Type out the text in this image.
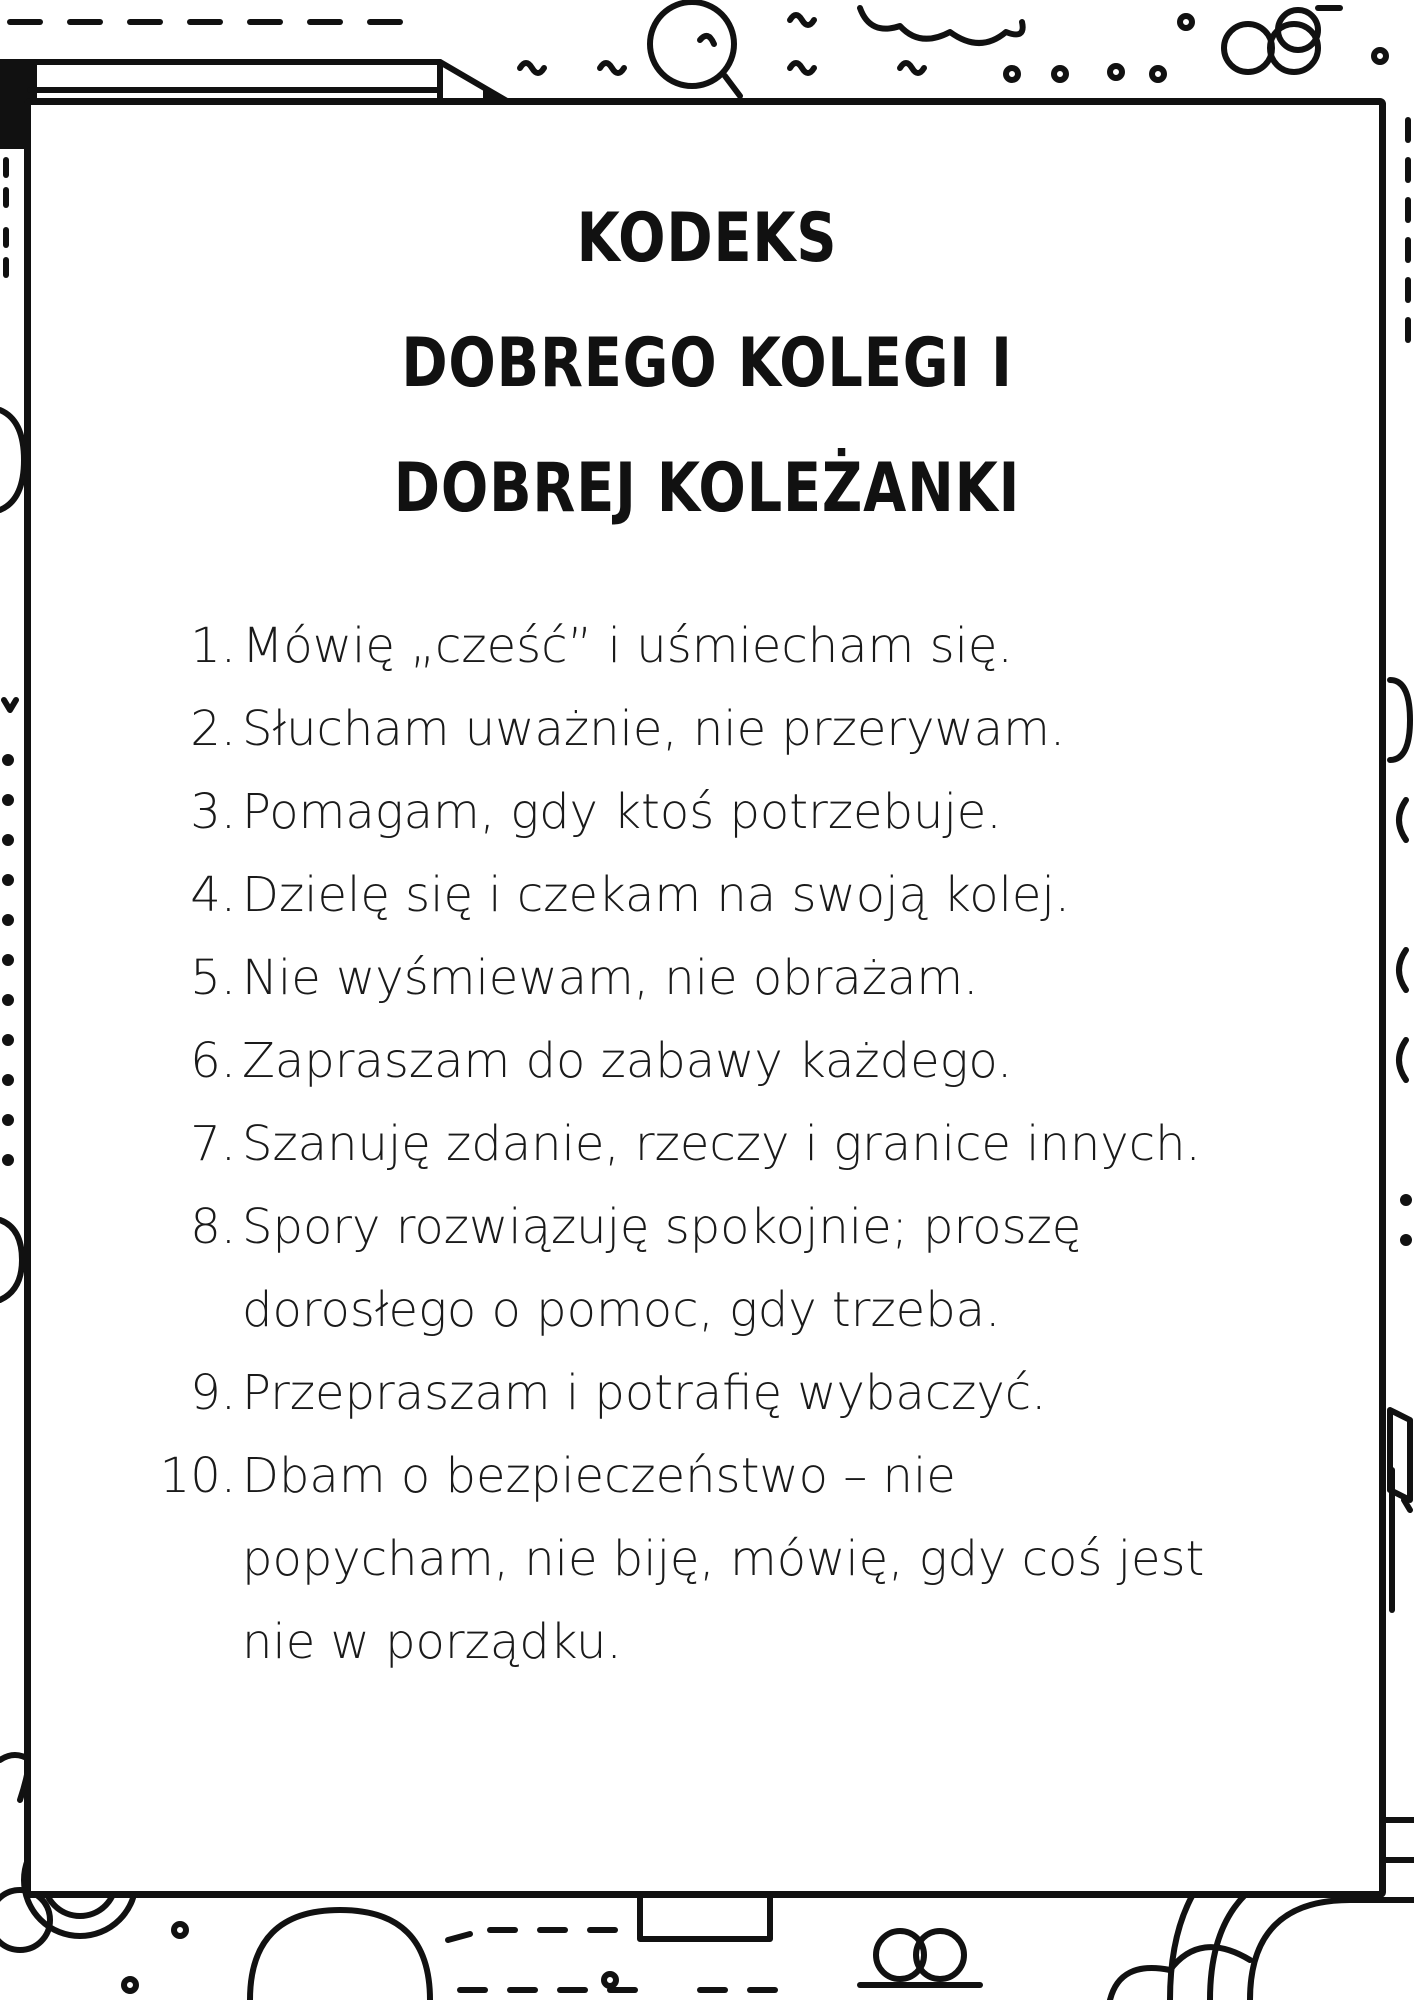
KODEKS
DOBREGO KOLEGI I
DOBREJ KOLEŻANKI
1. Mówię „cześć” i uśmiecham się.
2. Słucham uważnie, nie przerywam.
3. Pomagam, gdy ktoś potrzebuje.
4. Dzielę się i czekam na swoją kolej.
5. Nie wyśmiewam, nie obrażam.
6. Zapraszam do zabawy każdego.
7. Szanuję zdanie, rzeczy i granice innych.
8. Spory rozwiązuję spokojnie; proszę dorosłego o pomoc, gdy trzeba.
9. Przepraszam i potrafię wybaczyć.
10. Dbam o bezpieczeństwo – nie popycham, nie biję, mówię, gdy coś jest nie w porządku.
